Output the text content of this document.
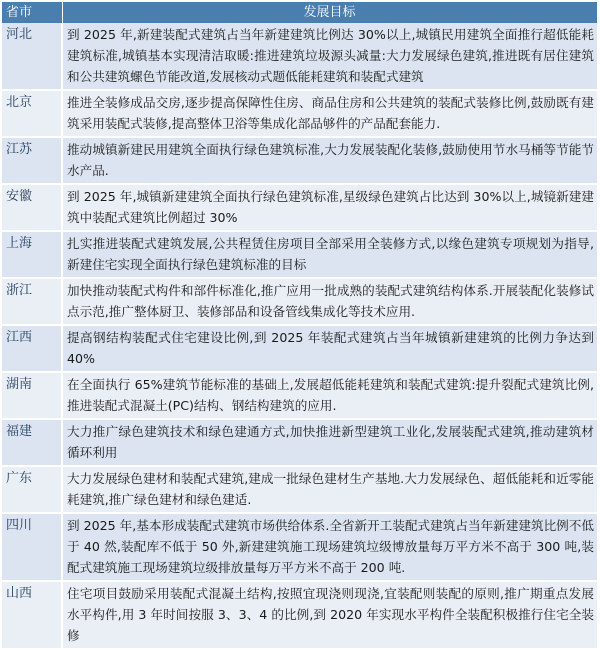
省市	发展目标
河北	到 2025 年,新建装配式建筑占当年新建建筑比例达 30%以上,城镇民用建筑全面推行超低能耗建筑标准,城镇基本实现清洁取暖:推进建筑垃圾源头减量:大力发展绿色建筑,推进既有居住建筑和公共建筑螺色节能改道,发展核动式题低能耗建筑和装配式建筑
北京	推进全装修成品交房,逐步提高保障性住房、商品住房和公共建筑的装配式装修比例,鼓励既有建筑采用装配式装修,提高整体卫浴等集成化部品够件的产品配套能力.
江苏	推动城镇新建民用建筑全面执行绿色建筑标准,大力发展装配化装修,鼓励使用节水马桶等节能节水产品.
安徽	到 2025 年,城镇新建建筑全面执行绿色建筑标准,星级绿色建筑占比达到 30%以上,城镜新建建筑中装配式建筑比例超过 30%
上海	扎实推进装配式建筑发展,公共程赁住房项目全部采用全装修方式,以缘色建筑专项规划为指导,新建住宅实现全面执行绿色建筑标准的目标
浙江	加快推动装配式构件和部件标准化,推广应用一批成熟的装配式建筑结构体系.开展装配化装修试点示范,推广整体厨卫、装修部品和设备管线集成化等技术应用.
江西	提高钢结构装配式住宅建设比例,到 2025 年装配式建筑占当年城镇新建建筑的比例力争达到 40%
湖南	在全面执行 65%建筑节能标准的基础上,发展超低能耗建筑和装配式建筑:提升裂配式建筑比例,推进装配式混凝土(PC)结构、钢结构建筑的应用.
福建	大力推广绿色建筑技术和绿色建通方式,加快推进新型建筑工业化,发展装配式建筑,推动建筑材循环利用
广东	大力发展绿色建材和装配式建筑,建成一批绿色建材生产基地.大力发展绿色、超低能耗和近零能耗建筑,推广绿色建材和绿色建适.
四川	到 2025 年,基本形成装配式建筑市场供给体系.全省新开工装配式建筑占当年新建建筑比例不低于 40 然,装配库不低于 50 外,新建建筑施工现场建筑垃级博放量每万平方米不高于 300 吨,装配式建筑施工现场建筑垃级排放量每万平方米不高于 200 吨.
山西	住宅项目鼓励采用装配式混凝土结构,按照宜现浇则现浇,宜装配则装配的原则,推广期重点发展水平构件,用 3 年时间按服 3、3、4 的比例,到 2020 年实现水平构件全装配积极推行住宅全装修
